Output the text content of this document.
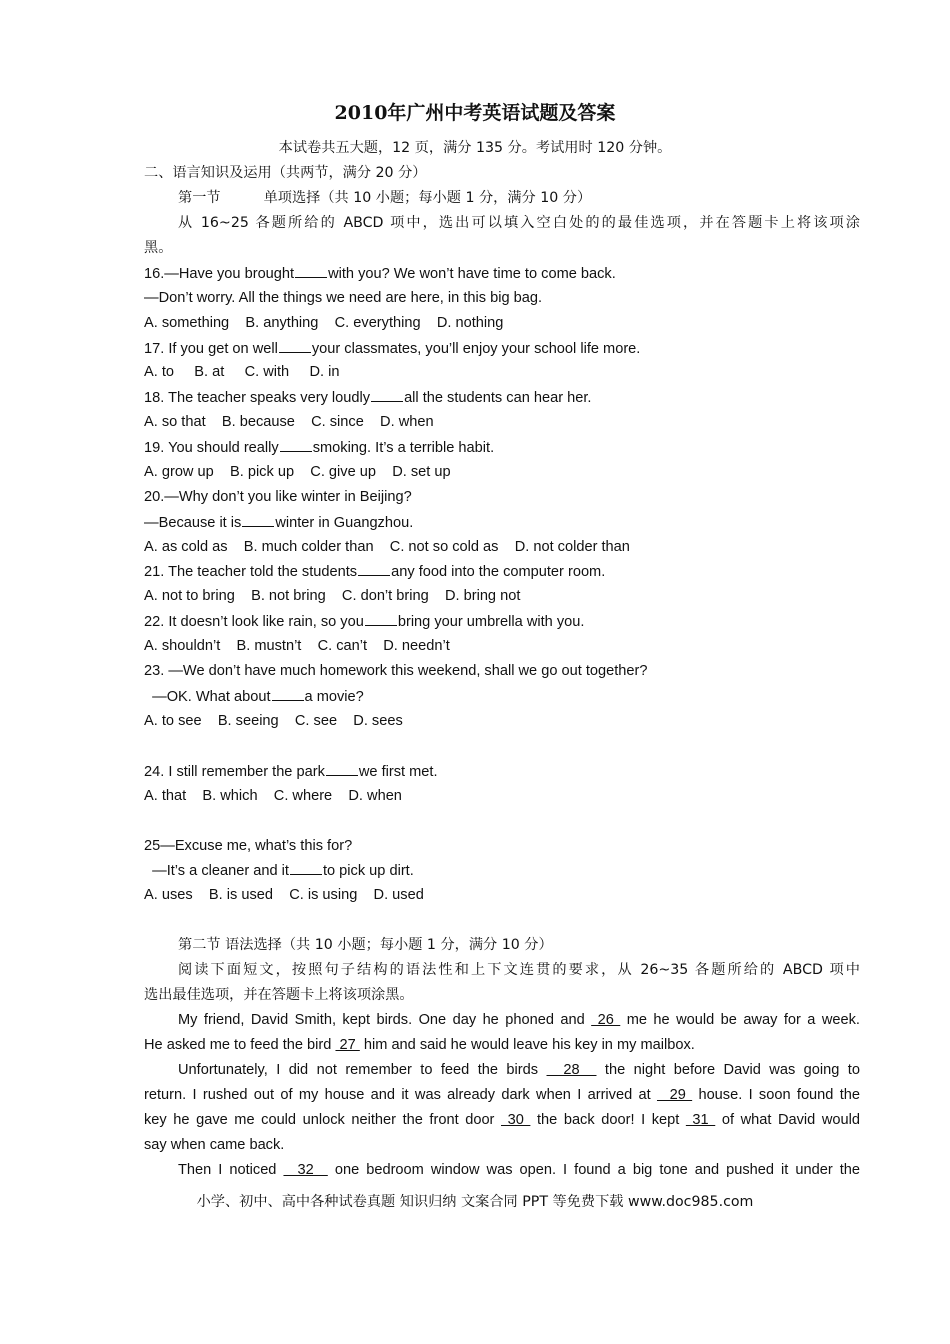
2010年广州中考英语试题及答案
本试卷共五大题，12 页，满分 135 分。考试用时 120 分钟。
二、语言知识及运用（共两节，满分 20 分）
第一节	单项选择（共 10 小题；每小题 1 分，满分 10 分）
从 16~25 各题所给的 ABCD 项中，选出可以填入空白处的的最佳选项，并在答题卡上将该项涂
黑。
16.—Have you brought with you? We won’t have time to come back.
—Don’t worry. All the things we need are here, in this big bag.
A. something    B. anything    C. everything    D. nothing
17. If you get on well your classmates, you’ll enjoy your school life more.
A. to     B. at     C. with     D. in
18. The teacher speaks very loudly all the students can hear her.
A. so that    B. because    C. since    D. when
19. You should really smoking. It’s a terrible habit.
A. grow up    B. pick up    C. give up    D. set up
20.—Why don’t you like winter in Beijing?
—Because it is winter in Guangzhou.
A. as cold as    B. much colder than    C. not so cold as    D. not colder than
21. The teacher told the students any food into the computer room.
A. not to bring    B. not bring    C. don’t bring    D. bring not
22. It doesn’t look like rain, so you bring your umbrella with you.
A. shouldn’t    B. mustn’t    C. can’t    D. needn’t
23. —We don’t have much homework this weekend, shall we go out together?
—OK. What about a movie?
A. to see    B. seeing    C. see    D. sees
24. I still remember the park we first met.
A. that    B. which    C. where    D. when
25—Excuse me, what’s this for?
—It’s a cleaner and it to pick up dirt.
A. uses    B. is used    C. is using    D. used
第二节 语法选择（共 10 小题；每小题 1 分，满分 10 分）
阅读下面短文，按照句子结构的语法性和上下文连贯的要求，从 26~35 各题所给的 ABCD 项中
选出最佳选项，并在答题卡上将该项涂黑。
My friend, David Smith, kept birds. One day he phoned and  26  me he would be away for a week.
He asked me to feed the bird  27  him and said he would leave his key in my mailbox.
Unfortunately, I did not remember to feed the birds   28   the night before David was going to
return. I rushed out of my house and it was already dark when I arrived at   29  house. I soon found the
key he gave me could unlock neither the front door  30  the back door! I kept  31  of what David would
say when came back.
Then I noticed   32   one bedroom window was open. I found a big tone and pushed it under the
小学、初中、高中各种试卷真题 知识归纳 文案合同 PPT 等免费下载 www.doc985.com
